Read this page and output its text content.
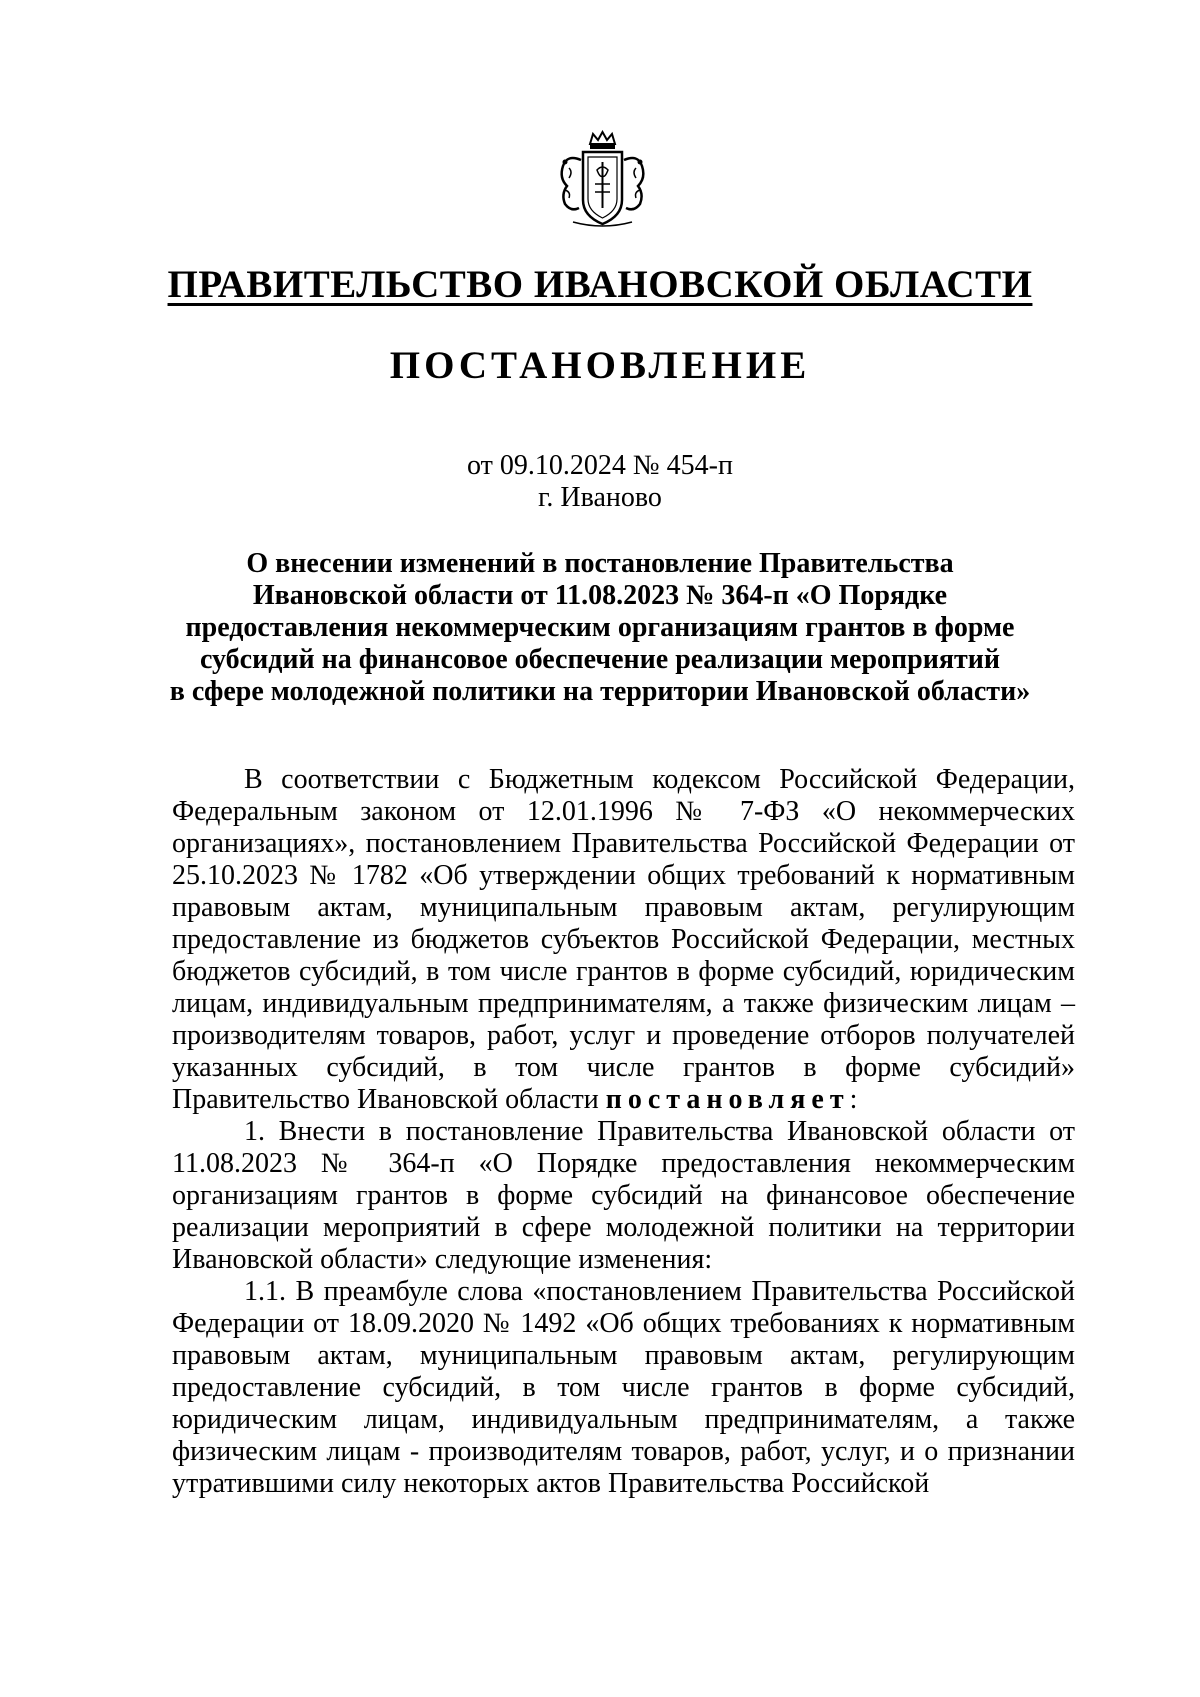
ПРАВИТЕЛЬСТВО ИВАНОВСКОЙ ОБЛАСТИ
ПОСТАНОВЛЕНИЕ
от 09.10.2024 № 454-п
г. Иваново
О внесении изменений в постановление Правительства
Ивановской области от 11.08.2023 № 364-п «О Порядке
предоставления некоммерческим организациям грантов в форме
субсидий на финансовое обеспечение реализации мероприятий
в сфере молодежной политики на территории Ивановской области»

В соответствии с Бюджетным кодексом Российской Федерации, Федеральным законом от 12.01.1996 № 7-ФЗ «О некоммерческих организациях», постановлением Правительства Российской Федерации от 25.10.2023 № 1782 «Об утверждении общих требований к нормативным правовым актам, муниципальным правовым актам, регулирующим предоставление из бюджетов субъектов Российской Федерации, местных бюджетов субсидий, в том числе грантов в форме субсидий, юридическим лицам, индивидуальным предпринимателям, а также физическим лицам – производителям товаров, работ, услуг и проведение отборов получателей указанных субсидий, в том числе грантов в форме субсидий» Правительство Ивановской области постановляет:

1. Внести в постановление Правительства Ивановской области от 11.08.2023 № 364-п «О Порядке предоставления некоммерческим организациям грантов в форме субсидий на финансовое обеспечение реализации мероприятий в сфере молодежной политики на территории Ивановской области» следующие изменения:

1.1. В преамбуле слова «постановлением Правительства Российской Федерации от 18.09.2020 № 1492 «Об общих требованиях к нормативным правовым актам, муниципальным правовым актам, регулирующим предоставление субсидий, в том числе грантов в форме субсидий, юридическим лицам, индивидуальным предпринимателям, а также физическим лицам - производителям товаров, работ, услуг, и о признании утратившими силу некоторых актов Правительства Российской
